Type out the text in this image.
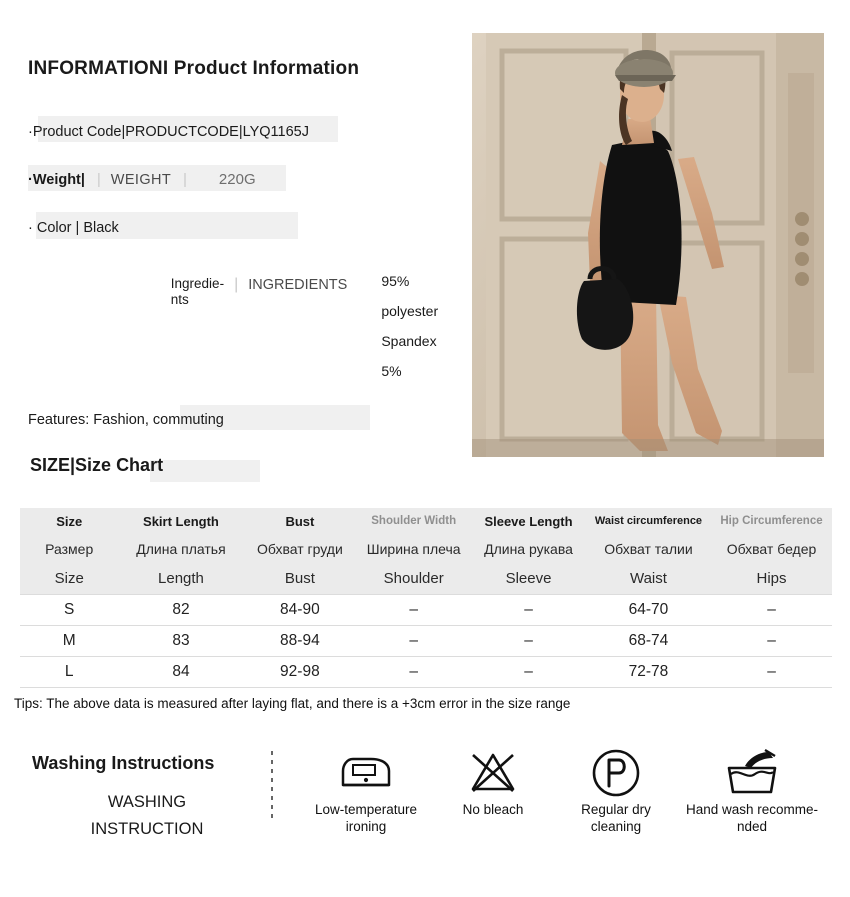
INFORMATIONI Product Information
·Product Code|PRODUCTCODE|LYQ1165J
·Weight| | WEIGHT | 220G
· Color | Black
Ingredie-nts
| INGREDIENTS 95% polyester
Spandex 5%
Features: Fashion, commuting
SIZE|Size Chart
Size	Skirt Length	Bust	Shoulder Width	Sleeve Length	Waist circumference	Hip Circumference
Размер	Длина платья	Обхват груди	Ширина плеча	Длина рукава	Обхват талии	Обхват бедер
Size	Length	Bust	Shoulder	Sleeve	Waist	Hips
S	82	84-90	–	–	64-70	–
M	83	88-94	–	–	68-74	–
L	84	92-98	–	–	72-78	–
Tips: The above data is measured after laying flat, and there is a +3cm error in the size range
Washing Instructions
WASHING
INSTRUCTION
Low-temperature
ironing
No bleach	Regular dry
cleaning
Hand wash recomme-
nded
